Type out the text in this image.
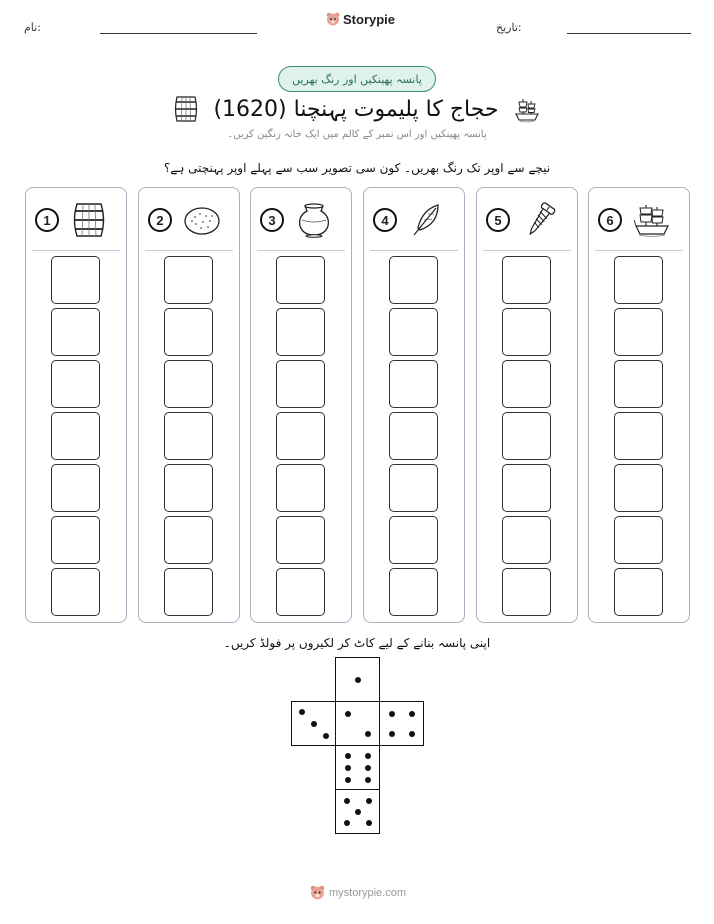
نام:
Storypie
تاریخ:
پانسہ پھینکیں اور رنگ بھریں
حجاج کا پلیموت پہنچنا (1620)
پانسہ پھینکیں اور اس نمبر کے کالم میں ایک خانہ رنگین کریں۔
نیچے سے اوپر تک رنگ بھریں۔ کون سی تصویر سب سے پہلے اوپر پہنچتی ہے؟
1	2	3	4	5	6
اپنی پانسہ بنانے کے لیے کاٹ کر لکیروں پر فولڈ کریں۔
mystorypie.com
